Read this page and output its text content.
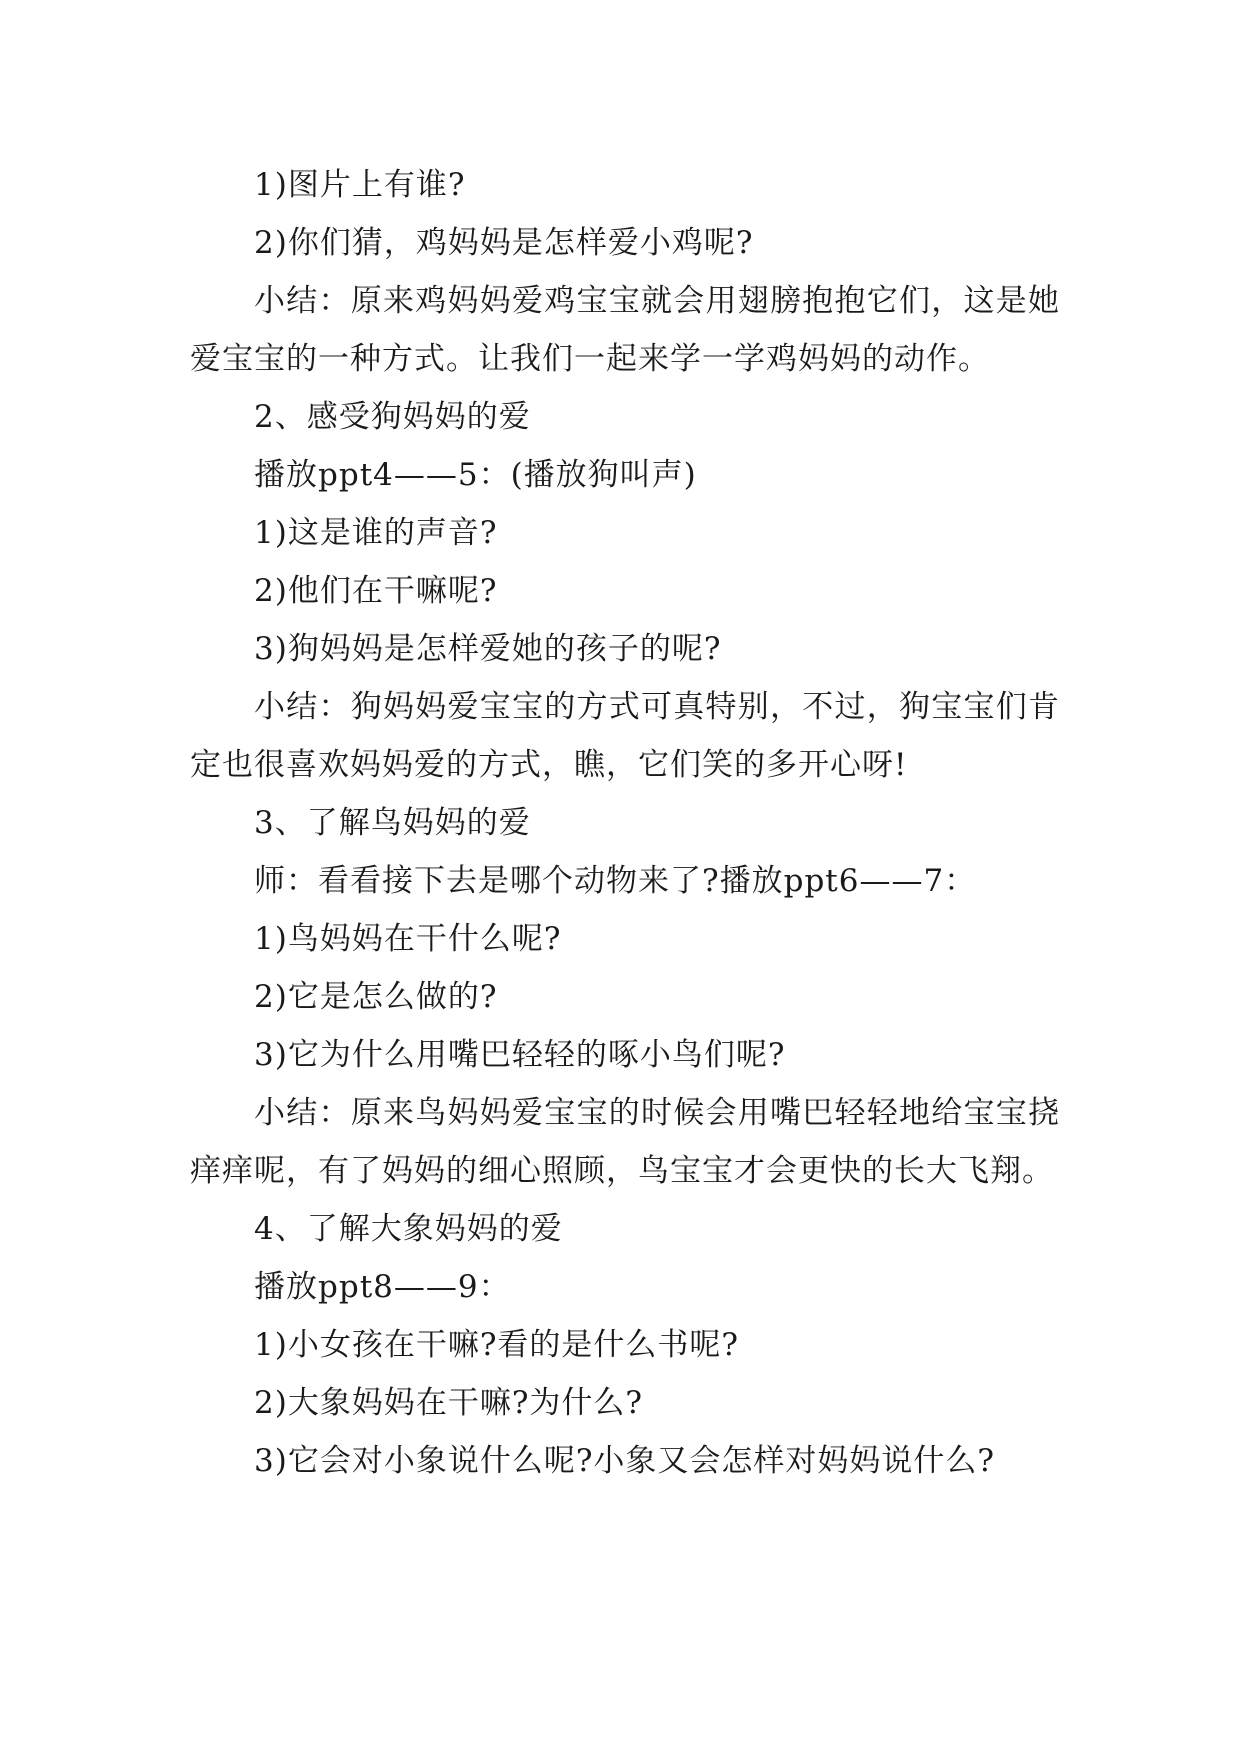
1)图片上有谁?

2)你们猜，鸡妈妈是怎样爱小鸡呢?

小结：原来鸡妈妈爱鸡宝宝就会用翅膀抱抱它们，这是她爱宝宝的一种方式。让我们一起来学一学鸡妈妈的动作。

2、感受狗妈妈的爱

播放ppt4——5：(播放狗叫声)

1)这是谁的声音?

2)他们在干嘛呢?

3)狗妈妈是怎样爱她的孩子的呢?

小结：狗妈妈爱宝宝的方式可真特别，不过，狗宝宝们肯定也很喜欢妈妈爱的方式，瞧，它们笑的多开心呀!

3、了解鸟妈妈的爱

师：看看接下去是哪个动物来了?播放ppt6——7：

1)鸟妈妈在干什么呢?

2)它是怎么做的?

3)它为什么用嘴巴轻轻的啄小鸟们呢?

小结：原来鸟妈妈爱宝宝的时候会用嘴巴轻轻地给宝宝挠痒痒呢，有了妈妈的细心照顾，鸟宝宝才会更快的长大飞翔。

4、了解大象妈妈的爱

播放ppt8——9：

1)小女孩在干嘛?看的是什么书呢?

2)大象妈妈在干嘛?为什么?

3)它会对小象说什么呢?小象又会怎样对妈妈说什么?
